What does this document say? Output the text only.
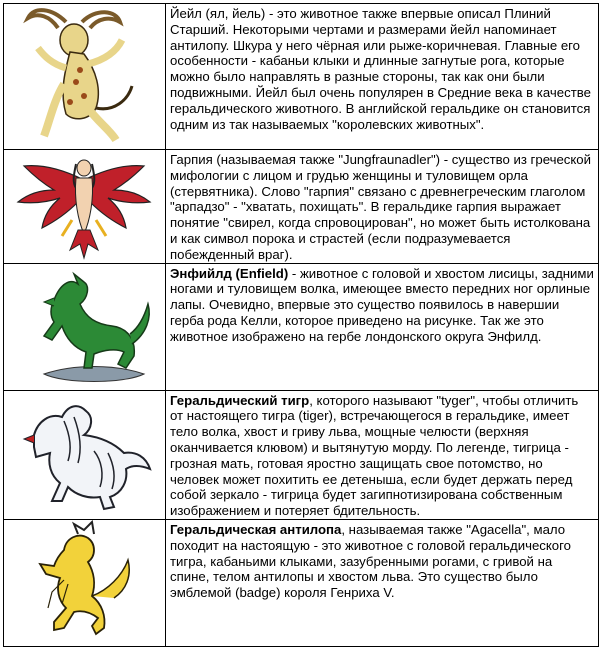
	Йейл (ял, йель) - это животное также впервые описал Плиний Старший. Некоторыми чертами и размерами йейл напоминает антилопу. Шкура у него чёрная или рыже-коричневая. Главные его особенности - кабаньи клыки и длинные загнутые рога, которые можно было направлять в разные стороны, так как они были подвижными. Йейл был очень популярен в Средние века в качестве геральдического животного. В английской геральдике он становится одним из так называемых "королевских животных".

	Гарпия (называемая также "Jungfraunadler") - существо из греческой мифологии с лицом и грудью женщины и туловищем орла (стервятника). Слово "гарпия" связано с древнегреческим глаголом "арпадзо" - "хватать, похищать". В геральдике гарпия выражает понятие "свирел, когда спровоцирован", но может быть истолкована и как символ порока и страстей (если подразумевается побежденный враг).

	Энфийлд (Enfield) - животное с головой и хвостом лисицы, задними ногами и туловищем волка, имеющее вместо передних ног орлиные лапы. Очевидно, впервые это существо появилось в навершии герба рода Келли, которое приведено на рисунке. Так же это животное изображено на гербе лондонского округа Энфилд.

	Геральдический тигр, которого называют "tyger", чтобы отличить от настоящего тигра (tiger), встречающегося в геральдике, имеет тело волка, хвост и гриву льва, мощные челюсти (верхняя оканчивается клювом) и вытянутую морду. По легенде, тигрица - грозная мать, готовая яростно защищать свое потомство, но человек может похитить ее детеныша, если будет держать перед собой зеркало - тигрица будет загипнотизирована собственным изображением и потеряет бдительность.

	Геральдическая антилопа, называемая также "Agacella", мало походит на настоящую - это животное с головой геральдического тигра, кабаньими клыками, зазубренными рогами, с гривой на спине, телом антилопы и хвостом льва. Это существо было эмблемой (badge) короля Генриха V.
